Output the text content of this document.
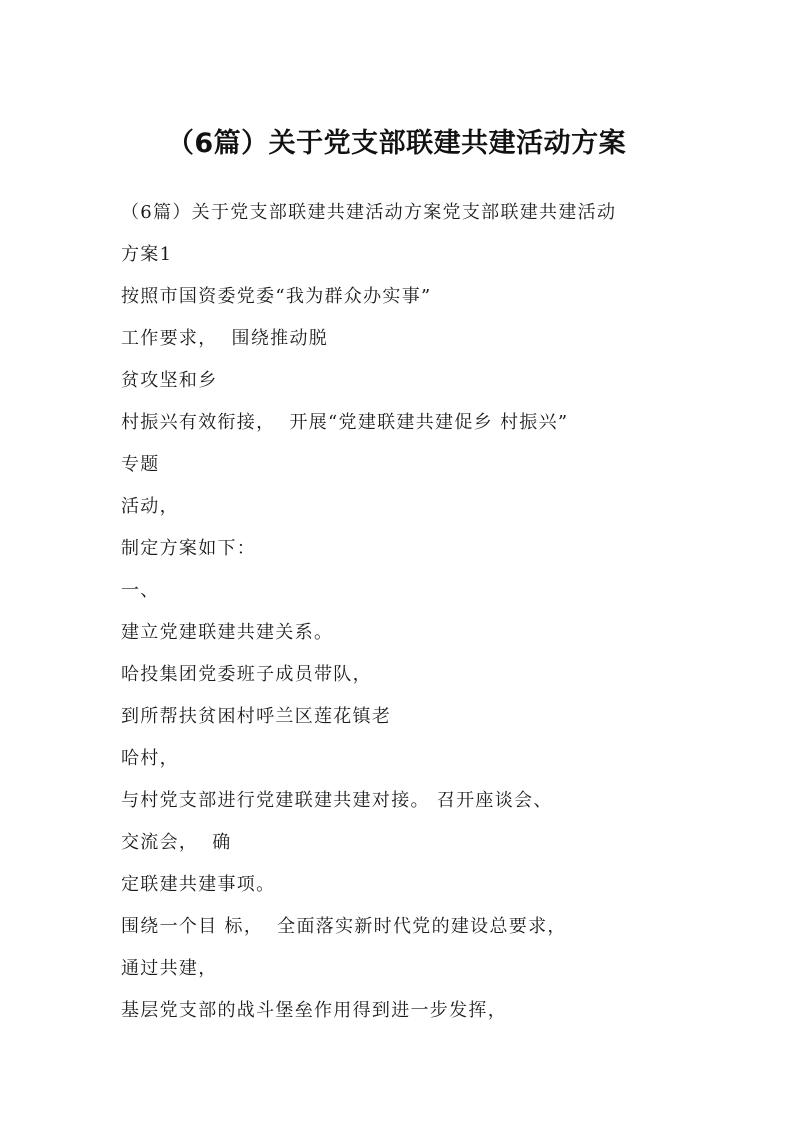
（6篇）关于党支部联建共建活动方案
（6篇）关于党支部联建共建活动方案党支部联建共建活动
方案1
按照市国资委党委“我为群众办实事”
工作要求，  围绕推动脱
贫攻坚和乡
村振兴有效衔接，  开展“党建联建共建促乡 村振兴”
专题
活动，
制定方案如下：
一、
建立党建联建共建关系。
哈投集团党委班子成员带队，
到所帮扶贫困村呼兰区莲花镇老
哈村，
与村党支部进行党建联建共建对接。 召开座谈会、
交流会，  确
定联建共建事项。
围绕一个目 标，  全面落实新时代党的建设总要求，
通过共建，
基层党支部的战斗堡垒作用得到进一步发挥，
